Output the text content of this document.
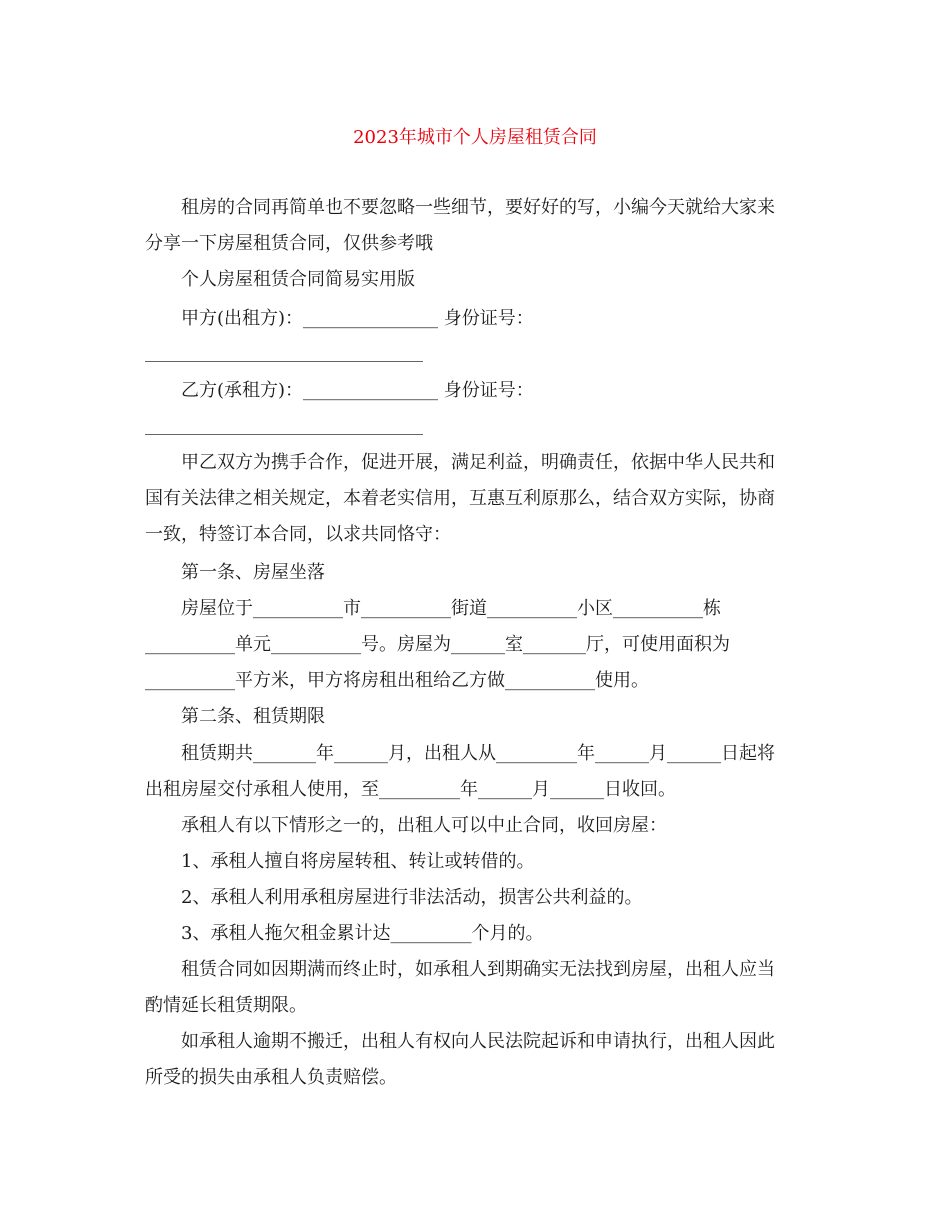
2023年城市个人房屋租赁合同
租房的合同再简单也不要忽略一些细节，要好好的写，小编今天就给大家来
分享一下房屋租赁合同，仅供参考哦
个人房屋租赁合同简易实用版
甲方(出租方)：_______________ 身份证号：
乙方(承租方)：_______________ 身份证号：
甲乙双方为携手合作，促进开展，满足利益，明确责任，依据中华人民共和
国有关法律之相关规定，本着老实信用，互惠互利原那么，结合双方实际，协商
一致，特签订本合同，以求共同恪守：
第一条、房屋坐落
房屋位于__________市__________街道__________小区__________栋
__________单元__________号。房屋为______室_______厅，可使用面积为
__________平方米，甲方将房租出租给乙方做__________使用。
第二条、租赁期限
租赁期共_______年______月，出租人从_________年______月______日起将
出租房屋交付承租人使用，至_________年______月______日收回。
承租人有以下情形之一的，出租人可以中止合同，收回房屋：
1、承租人擅自将房屋转租、转让或转借的。
2、承租人利用承租房屋进行非法活动，损害公共利益的。
3、承租人拖欠租金累计达_________个月的。
租赁合同如因期满而终止时，如承租人到期确实无法找到房屋，出租人应当
酌情延长租赁期限。
如承租人逾期不搬迁，出租人有权向人民法院起诉和申请执行，出租人因此
所受的损失由承租人负责赔偿。
